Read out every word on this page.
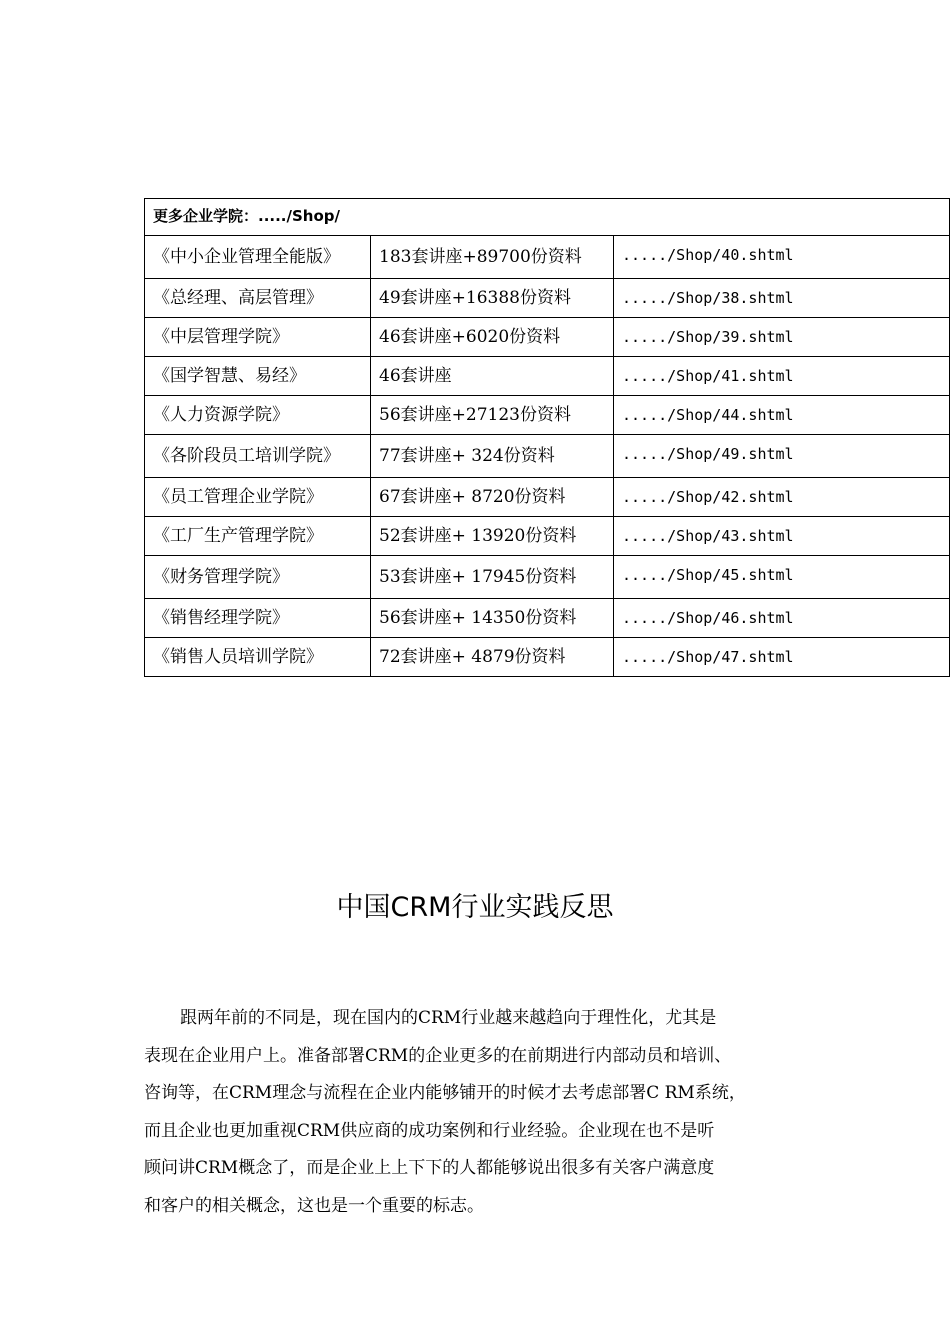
更多企业学院：...../Shop/		
《中小企业管理全能版》	183套讲座+89700份资料	...../Shop/40.shtml
《总经理、高层管理》	49套讲座+16388份资料	...../Shop/38.shtml
《中层管理学院》	46套讲座+6020份资料	...../Shop/39.shtml
《国学智慧、易经》	46套讲座	...../Shop/41.shtml
《人力资源学院》	56套讲座+27123份资料	...../Shop/44.shtml
《各阶段员工培训学院》	77套讲座+ 324份资料	...../Shop/49.shtml
《员工管理企业学院》	67套讲座+ 8720份资料	...../Shop/42.shtml
《工厂生产管理学院》	52套讲座+ 13920份资料	...../Shop/43.shtml
《财务管理学院》	53套讲座+ 17945份资料	...../Shop/45.shtml
《销售经理学院》	56套讲座+ 14350份资料	...../Shop/46.shtml
《销售人员培训学院》	72套讲座+ 4879份资料	...../Shop/47.shtml
中国CRM行业实践反思

跟两年前的不同是，现在国内的CRM行业越来越趋向于理性化，尤其是
表现在企业用户上。准备部署CRM的企业更多的在前期进行内部动员和培训、
咨询等，在CRM理念与流程在企业内能够铺开的时候才去考虑部署C RM系统，
而且企业也更加重视CRM供应商的成功案例和行业经验。企业现在也不是听
顾问讲CRM概念了，而是企业上上下下的人都能够说出很多有关客户满意度
和客户的相关概念，这也是一个重要的标志。
